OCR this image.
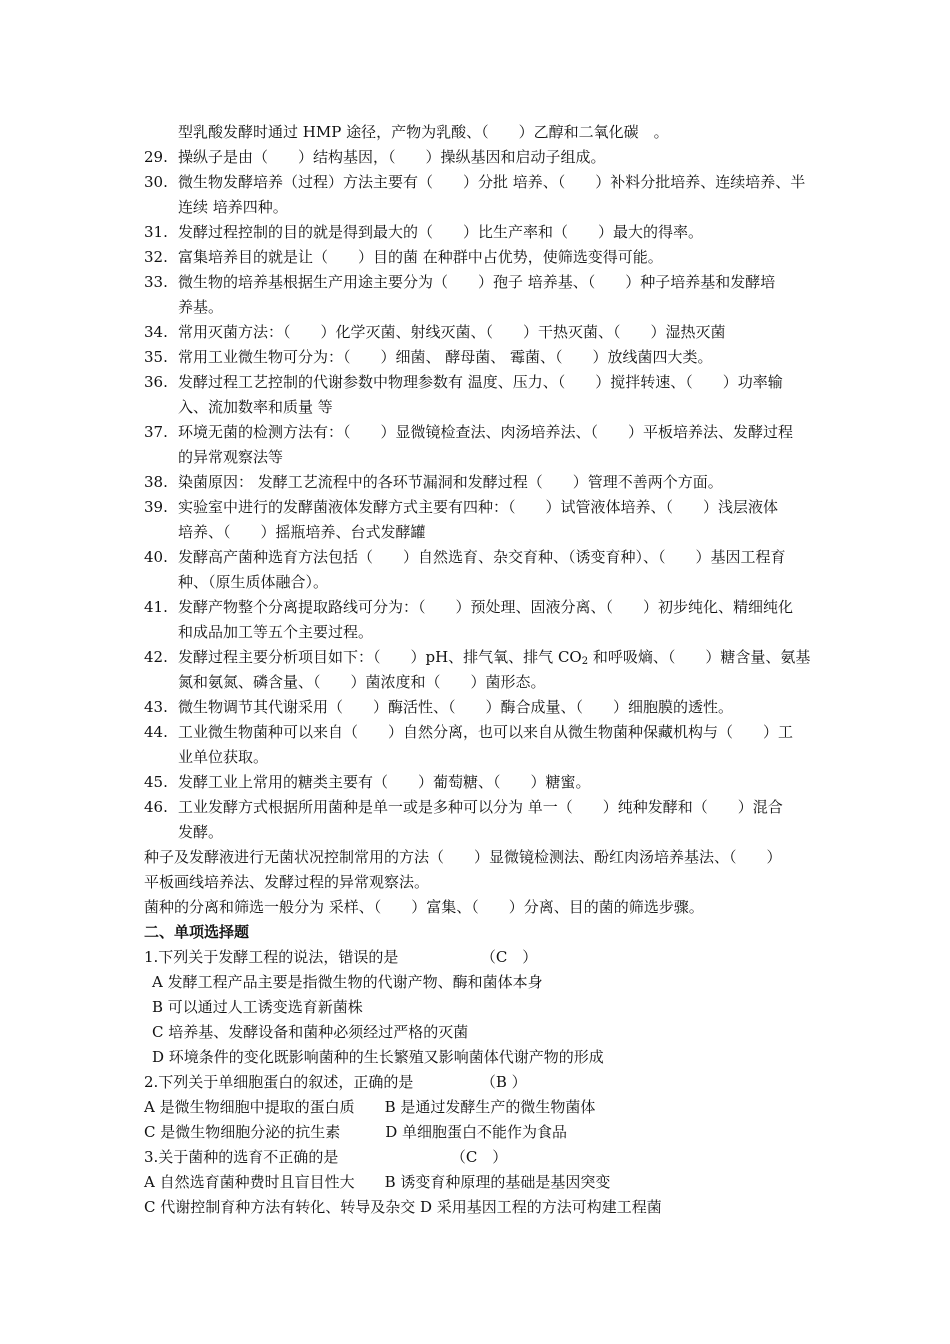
型乳酸发酵时通过 HMP 途径，产物为乳酸、（　　）乙醇和二氧化碳　。
29. 操纵子是由（　　）结构基因，（　　）操纵基因和启动子组成。
30. 微生物发酵培养（过程）方法主要有（　　）分批 培养、（　　）补料分批培养、连续培养、半
连续 培养四种。
31. 发酵过程控制的目的就是得到最大的（　　）比生产率和（　　）最大的得率。
32. 富集培养目的就是让（　　）目的菌 在种群中占优势，使筛选变得可能。
33. 微生物的培养基根据生产用途主要分为（　　）孢子 培养基、（　　）种子培养基和发酵培
养基。
34. 常用灭菌方法：（　　）化学灭菌、射线灭菌、（　　）干热灭菌、（　　）湿热灭菌
35. 常用工业微生物可分为：（　　）细菌、 酵母菌、 霉菌、（　　）放线菌四大类。
36. 发酵过程工艺控制的代谢参数中物理参数有 温度、压力、（　　）搅拌转速、（　　）功率输
入、流加数率和质量 等
37. 环境无菌的检测方法有：（　　）显微镜检查法、肉汤培养法、（　　）平板培养法、发酵过程
的异常观察法等
38. 染菌原因： 发酵工艺流程中的各环节漏洞和发酵过程（　　）管理不善两个方面。
39. 实验室中进行的发酵菌液体发酵方式主要有四种：（　　）试管液体培养、（　　）浅层液体
培养、（　　）摇瓶培养、台式发酵罐
40. 发酵高产菌种选育方法包括（　　）自然选育、杂交育种、（诱变育种）、（　　）基因工程育
种、（原生质体融合）。
41. 发酵产物整个分离提取路线可分为：（　　）预处理、固液分离、（　　）初步纯化、精细纯化
和成品加工等五个主要过程。
42. 发酵过程主要分析项目如下：（　　）pH、排气氧、排气 $CO_2$ 和呼吸熵、（　　）糖含量、氨基
氮和氨氮、磷含量、（　　）菌浓度和（　　）菌形态。
43. 微生物调节其代谢采用（　　）酶活性、（　　）酶合成量、（　　）细胞膜的透性。
44. 工业微生物菌种可以来自（　　）自然分离，也可以来自从微生物菌种保藏机构与（　　）工
业单位获取。
45. 发酵工业上常用的糖类主要有（　　）葡萄糖、（　　）糖蜜。
46. 工业发酵方式根据所用菌种是单一或是多种可以分为 单一（　　）纯种发酵和（　　）混合
发酵。
种子及发酵液进行无菌状况控制常用的方法（　　）显微镜检测法、酚红肉汤培养基法、（　　）
平板画线培养法、发酵过程的异常观察法。
菌种的分离和筛选一般分为 采样、（　　）富集、（　　）分离、目的菌的筛选步骤。
二、单项选择题
1.下列关于发酵工程的说法，错误的是　　　　　　（C　）
A 发酵工程产品主要是指微生物的代谢产物、酶和菌体本身
B 可以通过人工诱变选育新菌株
C 培养基、发酵设备和菌种必须经过严格的灭菌
D 环境条件的变化既影响菌种的生长繁殖又影响菌体代谢产物的形成
2.下列关于单细胞蛋白的叙述，正确的是　　　　　（B ）
A 是微生物细胞中提取的蛋白质　　B 是通过发酵生产的微生物菌体
C 是微生物细胞分泌的抗生素　　　D 单细胞蛋白不能作为食品
3.关于菌种的选育不正确的是　　　　　　　　（C　）
A 自然选育菌种费时且盲目性大　　B 诱变育种原理的基础是基因突变
C 代谢控制育种方法有转化、转导及杂交 D 采用基因工程的方法可构建工程菌
